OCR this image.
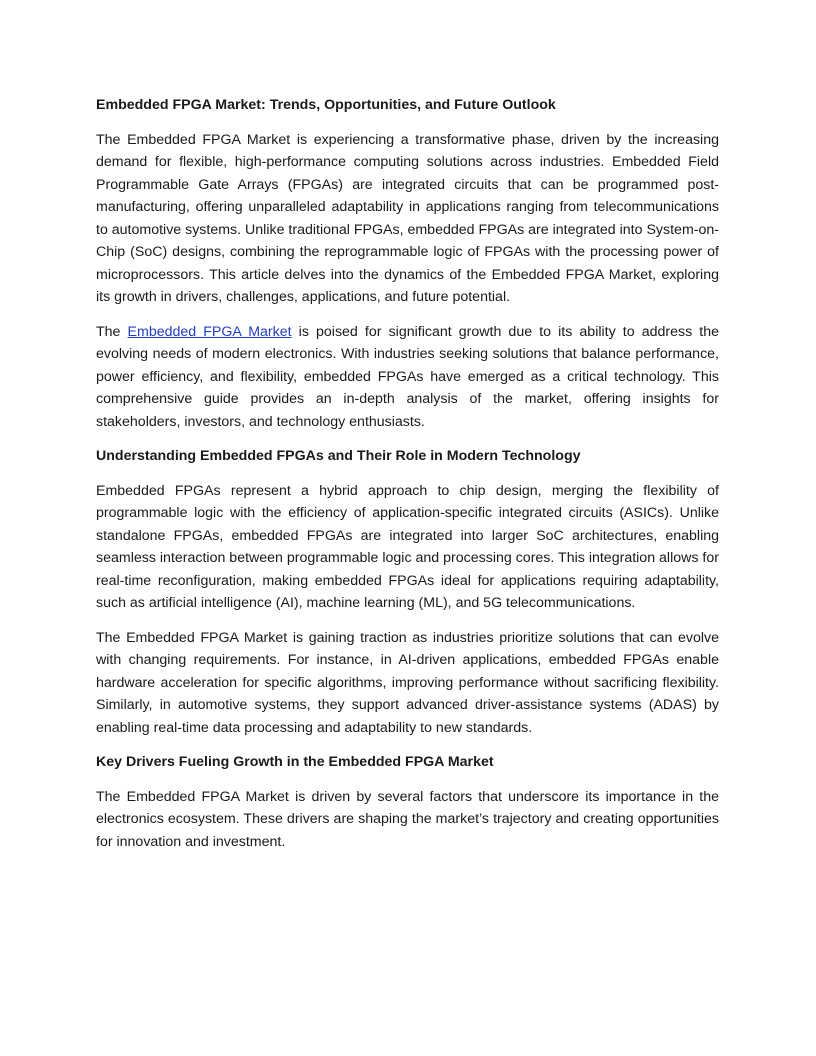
Embedded FPGA Market: Trends, Opportunities, and Future Outlook

The Embedded FPGA Market is experiencing a transformative phase, driven by the increasing demand for flexible, high-performance computing solutions across industries. Embedded Field Programmable Gate Arrays (FPGAs) are integrated circuits that can be programmed post-manufacturing, offering unparalleled adaptability in applications ranging from telecommunications to automotive systems. Unlike traditional FPGAs, embedded FPGAs are integrated into System-on-Chip (SoC) designs, combining the reprogrammable logic of FPGAs with the processing power of microprocessors. This article delves into the dynamics of the Embedded FPGA Market, exploring its growth in drivers, challenges, applications, and future potential.

The Embedded FPGA Market is poised for significant growth due to its ability to address the evolving needs of modern electronics. With industries seeking solutions that balance performance, power efficiency, and flexibility, embedded FPGAs have emerged as a critical technology. This comprehensive guide provides an in-depth analysis of the market, offering insights for stakeholders, investors, and technology enthusiasts.

Understanding Embedded FPGAs and Their Role in Modern Technology

Embedded FPGAs represent a hybrid approach to chip design, merging the flexibility of programmable logic with the efficiency of application-specific integrated circuits (ASICs). Unlike standalone FPGAs, embedded FPGAs are integrated into larger SoC architectures, enabling seamless interaction between programmable logic and processing cores. This integration allows for real-time reconfiguration, making embedded FPGAs ideal for applications requiring adaptability, such as artificial intelligence (AI), machine learning (ML), and 5G telecommunications.

The Embedded FPGA Market is gaining traction as industries prioritize solutions that can evolve with changing requirements. For instance, in AI-driven applications, embedded FPGAs enable hardware acceleration for specific algorithms, improving performance without sacrificing flexibility. Similarly, in automotive systems, they support advanced driver-assistance systems (ADAS) by enabling real-time data processing and adaptability to new standards.

Key Drivers Fueling Growth in the Embedded FPGA Market

The Embedded FPGA Market is driven by several factors that underscore its importance in the electronics ecosystem. These drivers are shaping the market’s trajectory and creating opportunities for innovation and investment.
